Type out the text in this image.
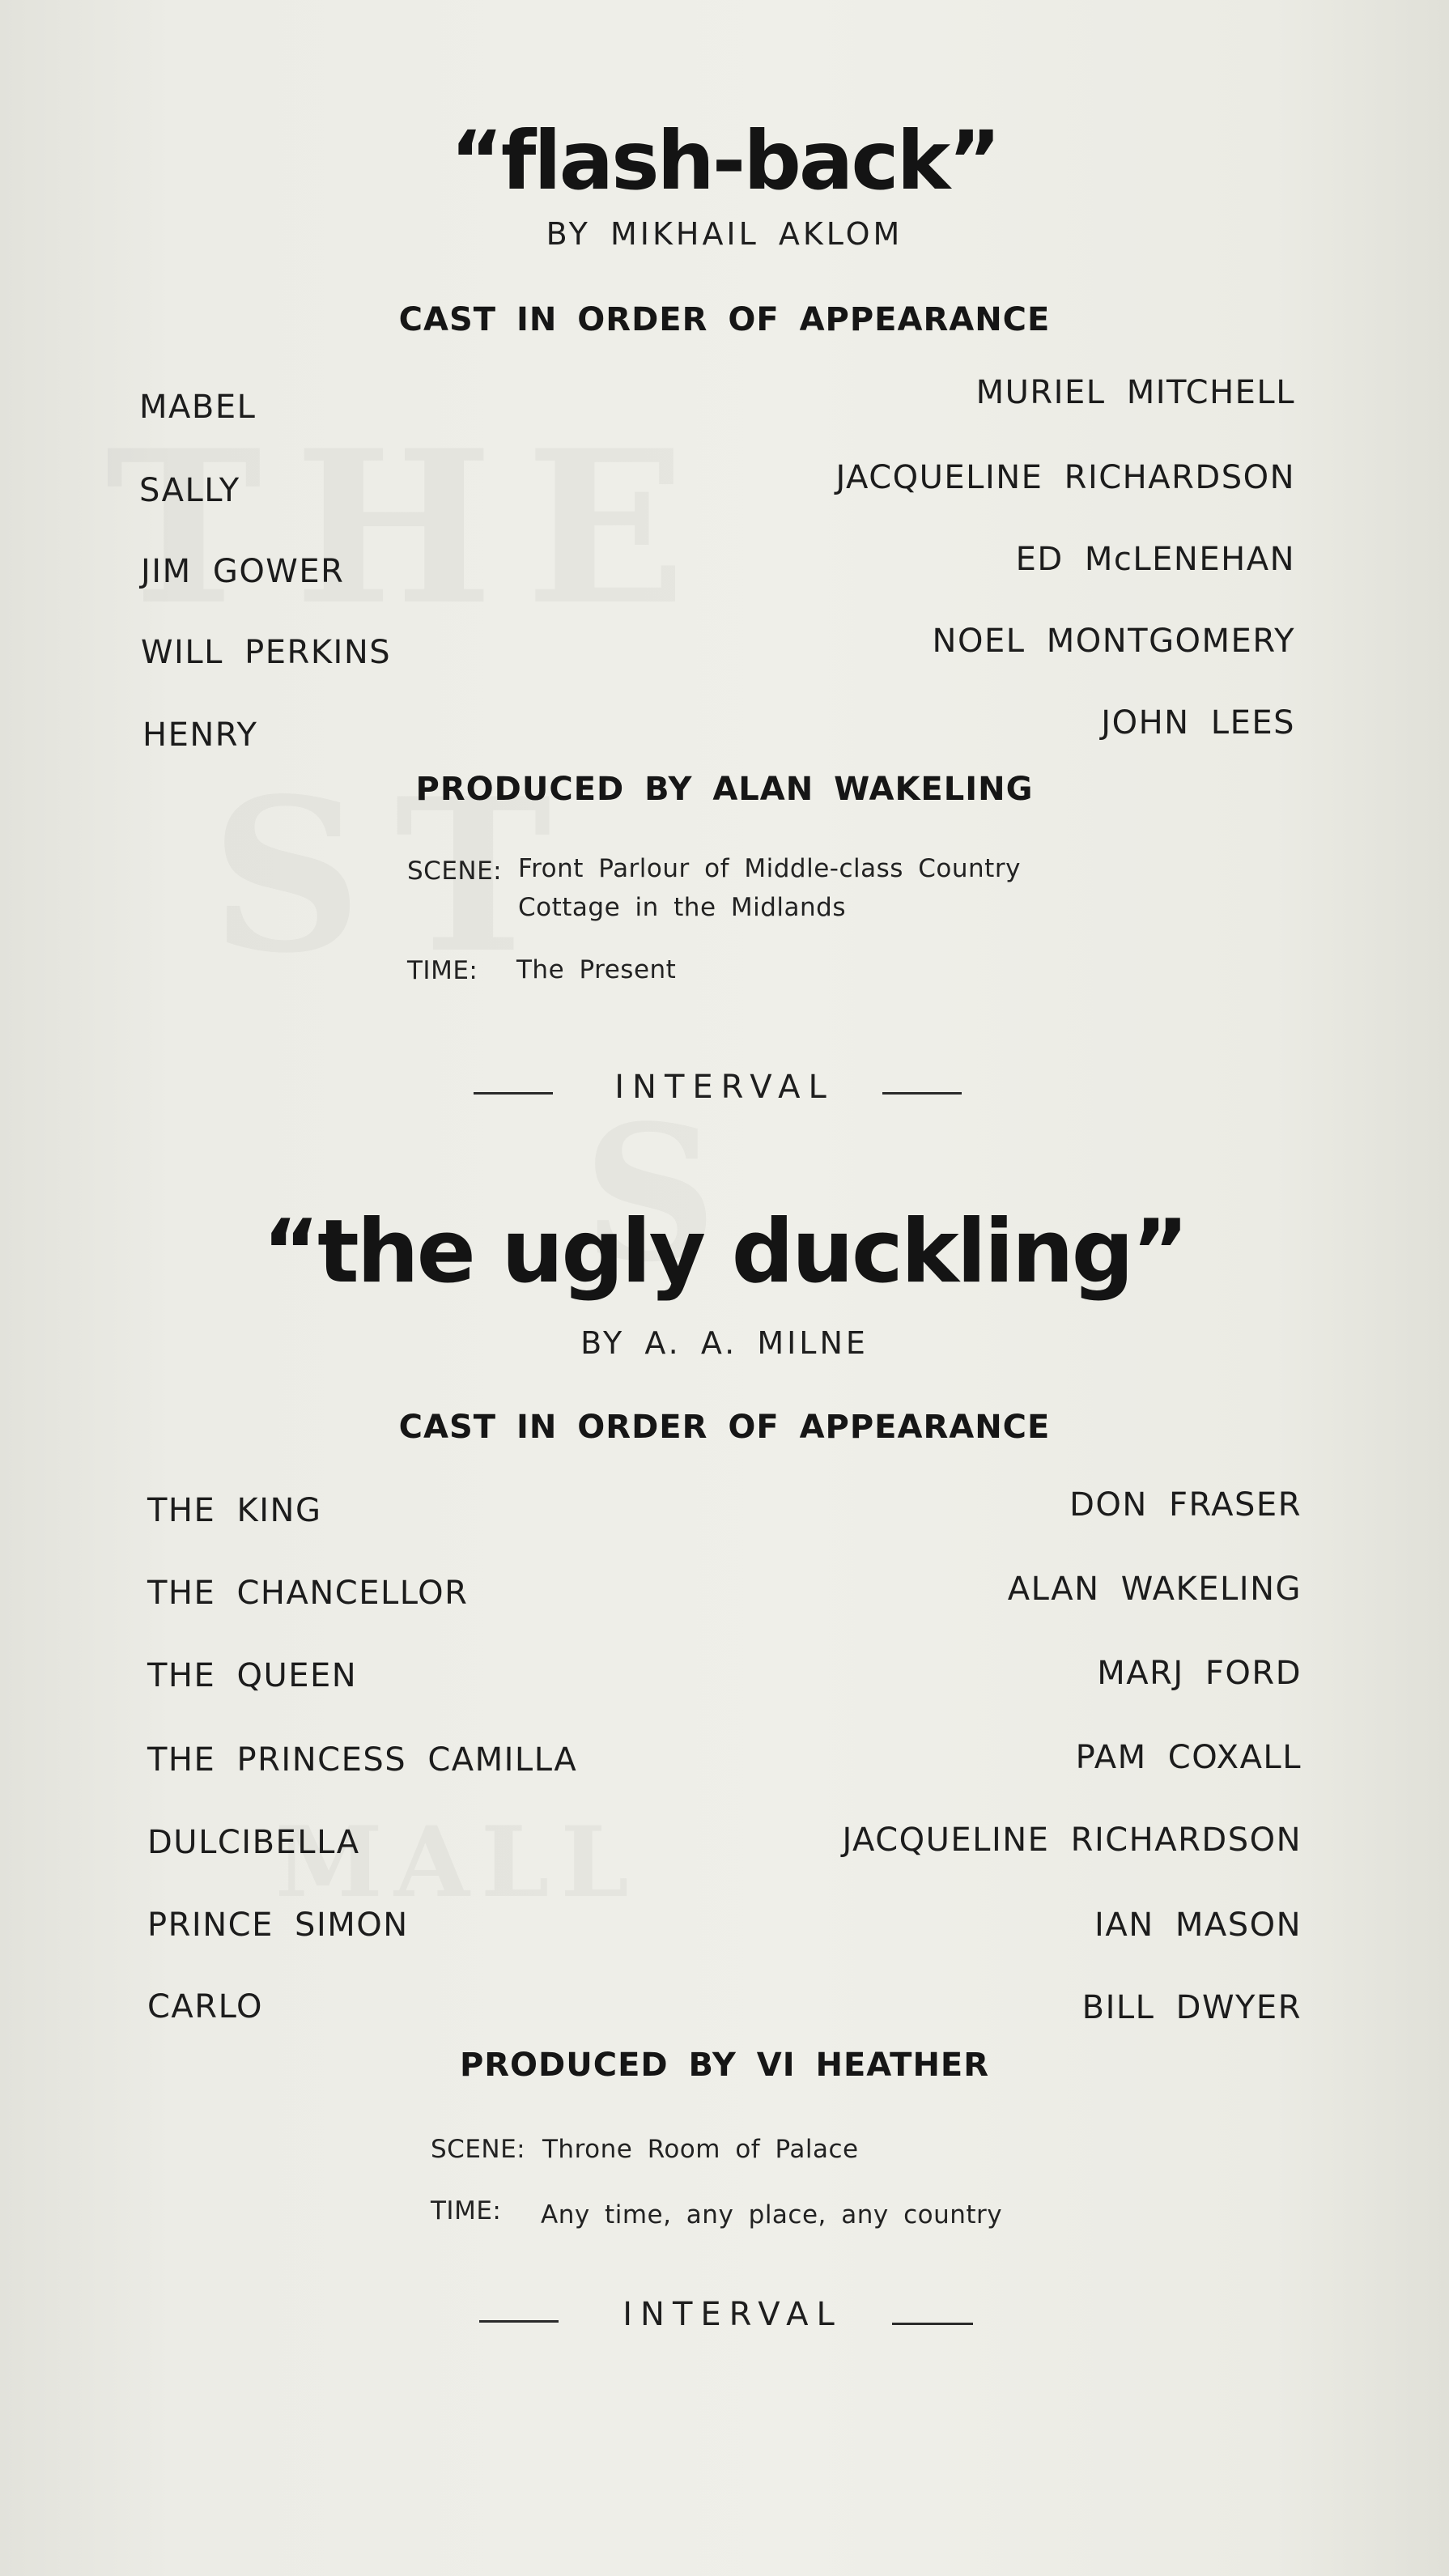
“flash-back”
BY MIKHAIL AKLOM
CAST IN ORDER OF APPEARANCE
MABEL	MURIEL MITCHELL
SALLY	JACQUELINE RICHARDSON
JIM GOWER	ED McLENEHAN
WILL PERKINS	NOEL MONTGOMERY
HENRY	JOHN LEES
PRODUCED BY ALAN WAKELING
SCENE: Front Parlour of Middle-class Country
Cottage in the Midlands
TIME: The Present
INTERVAL
“the ugly duckling”
BY A. A. MILNE
CAST IN ORDER OF APPEARANCE
THE KING	DON FRASER
THE CHANCELLOR	ALAN WAKELING
THE QUEEN	MARJ FORD
THE PRINCESS CAMILLA	PAM COXALL
DULCIBELLA	JACQUELINE RICHARDSON
PRINCE SIMON	IAN MASON
CARLO	BILL DWYER
PRODUCED BY VI HEATHER
SCENE: Throne Room of Palace
TIME: Any time, any place, any country
INTERVAL
